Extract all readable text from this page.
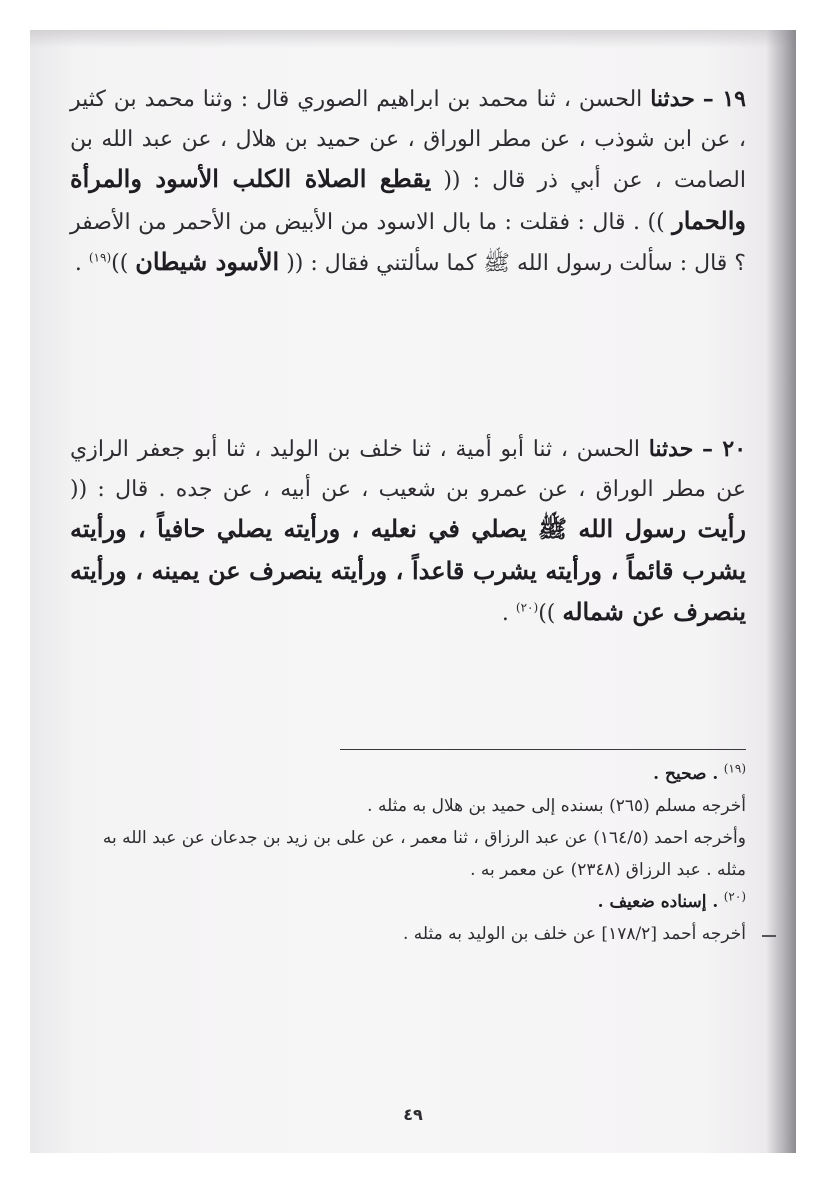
١٩ – حدثنا الحسن ، ثنا محمد بن ابراهيم الصوري قال : وثنا محمد بن كثير ، عن ابن شوذب ، عن مطر الوراق ، عن حميد بن هلال ، عن عبد الله بن الصامت ، عن أبي ذر قال : (( يقطع الصلاة الكلب الأسود والمرأة والحمار )) . قال : فقلت : ما بال الاسود من الأبيض من الأحمر من الأصفر ؟ قال : سألت رسول الله ﷺ كما سألتني فقال : (( الأسود شيطان ))$^{(١٩)}$ .

٢٠ – حدثنا الحسن ، ثنا أبو أمية ، ثنا خلف بن الوليد ، ثنا أبو جعفر الرازي عن مطر الوراق ، عن عمرو بن شعيب ، عن أبيه ، عن جده . قال : (( رأيت رسول الله ﷺ يصلي في نعليه ، ورأيته يصلي حافياً ، ورأيته يشرب قائماً ، ورأيته يشرب قاعداً ، ورأيته ينصرف عن يمينه ، ورأيته ينصرف عن شماله ))$^{(٢٠)}$ .

$^{(١٩)}$ . صحيح .

أخرجه مسلم (٢٦٥) بسنده إلى حميد بن هلال به مثله .

وأخرجه احمد (١٦٤/٥) عن عبد الرزاق ، ثنا معمر ، عن على بن زيد بن جدعان عن عبد الله به مثله . عبد الرزاق (٢٣٤٨) عن معمر به .

$^{(٢٠)}$ . إسناده ضعيف .

أخرجه أحمد [١٧٨/٢] عن خلف بن الوليد به مثله .

٤٩
